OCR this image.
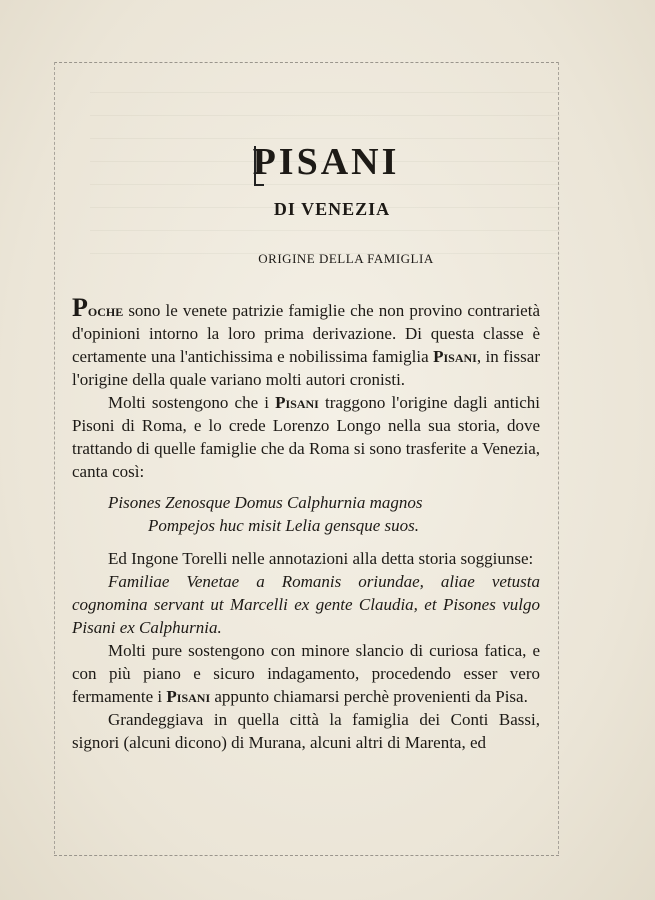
PISANI
DI VENEZIA
ORIGINE DELLA FAMIGLIA

Poche sono le venete patrizie famiglie che non provino contrarietà d'opinioni intorno la loro prima derivazione. Di questa classe è certamente una l'antichissima e nobilissima famiglia Pisani, in fissar l'origine della quale variano molti autori cronisti.

Molti sostengono che i Pisani traggono l'origine dagli antichi Pisoni di Roma, e lo crede Lorenzo Longo nella sua storia, dove trattando di quelle famiglie che da Roma si sono trasferite a Venezia, canta così:

Pisones Zenosque Domus Calphurnia magnos
Pompejos huc misit Lelia gensque suos.

Ed Ingone Torelli nelle annotazioni alla detta storia soggiunse:

Familiae Venetae a Romanis oriundae, aliae vetusta cognomina servant ut Marcelli ex gente Claudia, et Pisones vulgo Pisani ex Calphurnia.

Molti pure sostengono con minore slancio di curiosa fatica, e con più piano e sicuro indagamento, procedendo esser vero fermamente i Pisani appunto chiamarsi perchè provenienti da Pisa.

Grandeggiava in quella città la famiglia dei Conti Bassi, signori (alcuni dicono) di Murana, alcuni altri di Marenta, ed
